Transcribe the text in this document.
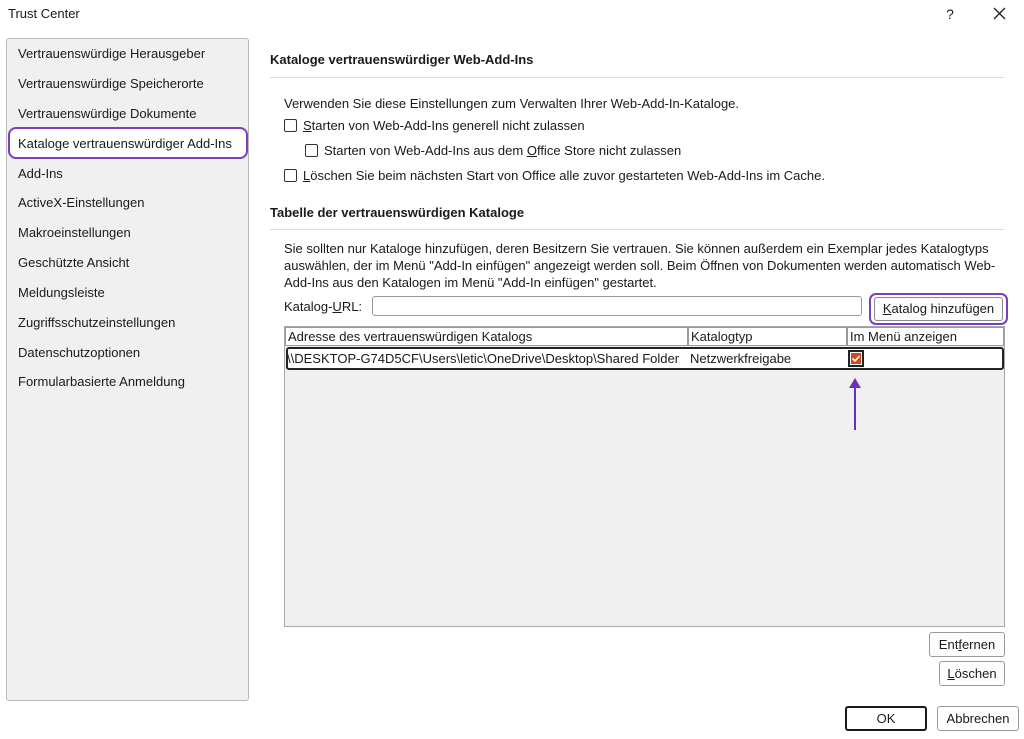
Trust Center	?
Vertrauenswürdige Herausgeber
Vertrauenswürdige Speicherorte
Vertrauenswürdige Dokumente
Kataloge vertrauenswürdiger Add-Ins
Add-Ins
ActiveX-Einstellungen
Makroeinstellungen
Geschützte Ansicht
Meldungsleiste
Zugriffsschutzeinstellungen
Datenschutzoptionen
Formularbasierte Anmeldung
Kataloge vertrauenswürdiger Web-Add-Ins
Verwenden Sie diese Einstellungen zum Verwalten Ihrer Web-Add-In-Kataloge.
Starten von Web-Add-Ins generell nicht zulassen
Starten von Web-Add-Ins aus dem Office Store nicht zulassen
Löschen Sie beim nächsten Start von Office alle zuvor gestarteten Web-Add-Ins im Cache.
Tabelle der vertrauenswürdigen Kataloge
Sie sollten nur Kataloge hinzufügen, deren Besitzern Sie vertrauen. Sie können außerdem ein Exemplar jedes Katalogtyps auswählen, der im Menü "Add-In einfügen" angezeigt werden soll. Beim Öffnen von Dokumenten werden automatisch Web-Add-Ins aus den Katalogen im Menü "Add-In einfügen" gestartet.
Katalog-URL:	Katalog hinzufügen
Adresse des vertrauenswürdigen Katalogs	Katalogtyp	Im Menü anzeigen
\\DESKTOP-G74D5CF\Users\letic\OneDrive\Desktop\Shared Folder Netzwerkfreigabe
Entfernen
Löschen
OK	Abbrechen
